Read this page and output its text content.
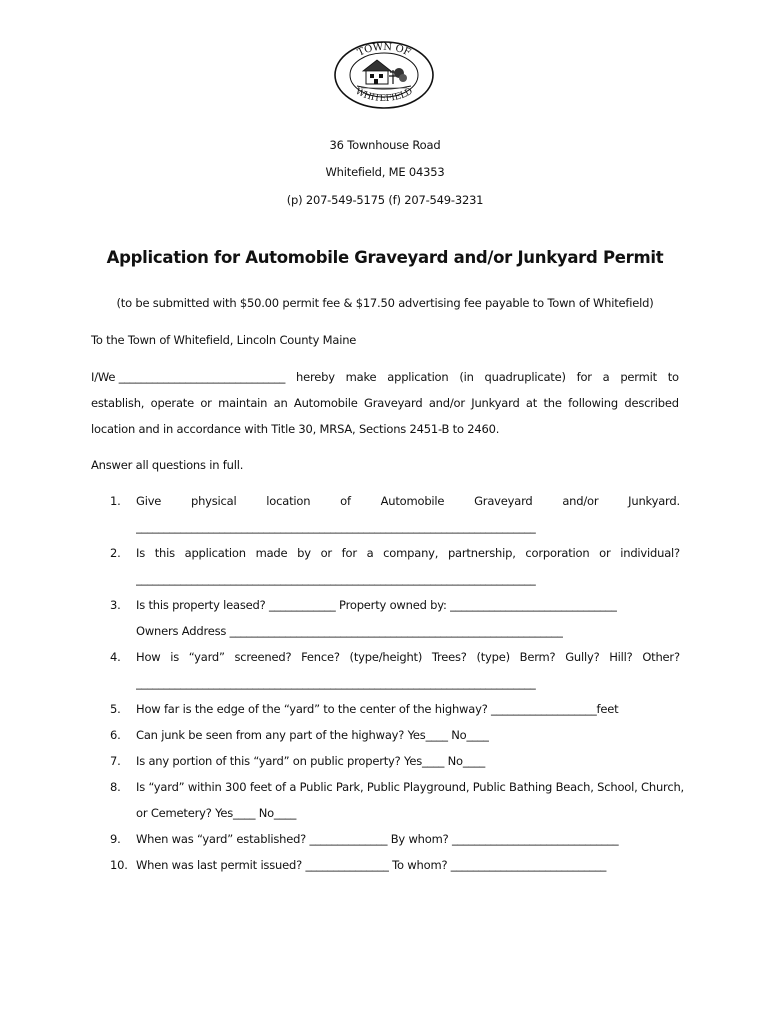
TOWN OF
WHITEFIELD
36 Townhouse Road
Whitefield, ME 04353
(p) 207-549-5175 (f) 207-549-3231
Application for Automobile Graveyard and/or Junkyard Permit
(to be submitted with $50.00 permit fee & $17.50 advertising fee payable to Town of Whitefield)
To the Town of Whitefield, Lincoln County Maine
I/We ______________________________ hereby make application (in quadruplicate) for a permit to
establish, operate or maintain an Automobile Graveyard and/or Junkyard at the following described
location and in accordance with Title 30, MRSA, Sections 2451-B to 2460.
Answer all questions in full.
1. Give	physical	location	of	Automobile	Graveyard	and/or	Junkyard.
________________________________________________________________________
2. Is this application made by or for a company, partnership, corporation or individual?
________________________________________________________________________
3. Is this property leased? ____________ Property owned by: ______________________________
Owners Address ____________________________________________________________
4. How is “yard” screened? Fence? (type/height) Trees? (type) Berm? Gully? Hill? Other?
________________________________________________________________________
5. How far is the edge of the “yard” to the center of the highway? ___________________feet
6. Can junk be seen from any part of the highway? Yes____ No____
7. Is any portion of this “yard” on public property? Yes____ No____
8. Is “yard” within 300 feet of a Public Park, Public Playground, Public Bathing Beach, School, Church,
or Cemetery? Yes____ No____
9. When was “yard” established? ______________ By whom? ______________________________
10. When was last permit issued? _______________ To whom? ____________________________
